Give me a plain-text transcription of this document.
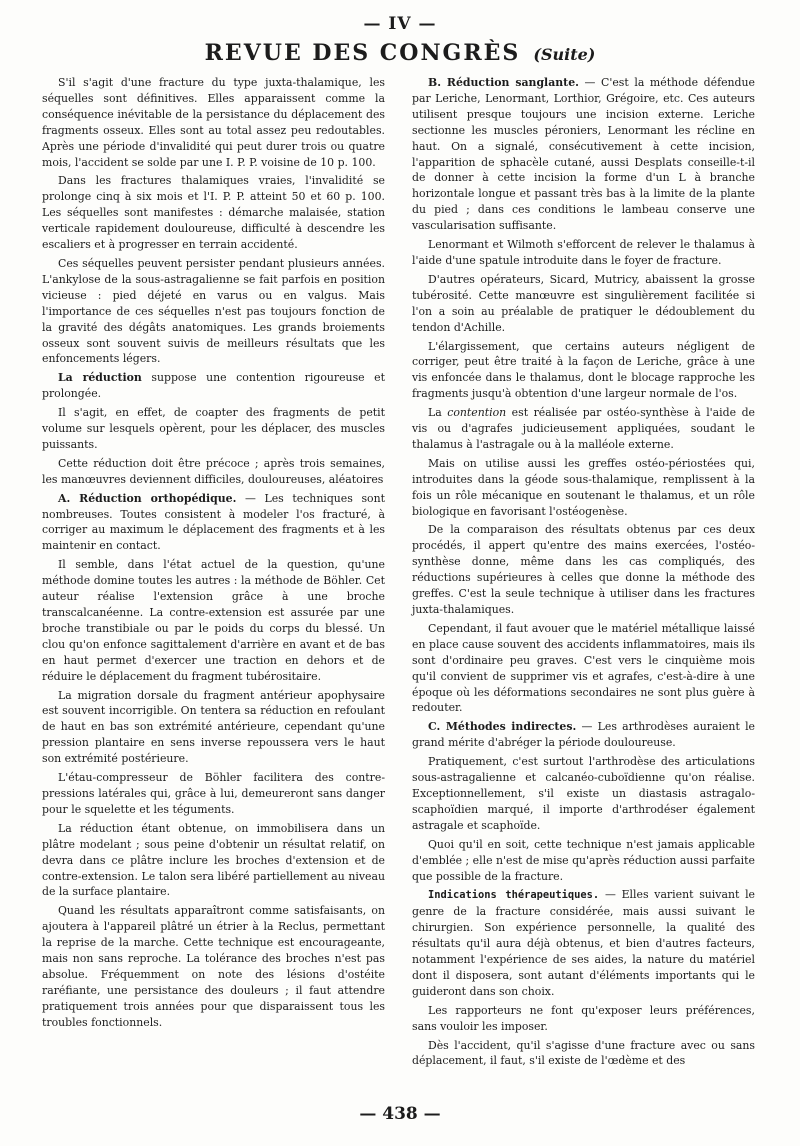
— IV —
REVUE DES CONGRÈS (Suite)

S'il s'agit d'une fracture du type juxta-thalamique, les séquelles sont définitives. Elles apparaissent comme la conséquence inévitable de la persistance du déplacement des fragments osseux. Elles sont au total assez peu redoutables. Après une période d'invalidité qui peut durer trois ou quatre mois, l'accident se solde par une I. P. P. voisine de 10 p. 100.

Dans les fractures thalamiques vraies, l'invalidité se prolonge cinq à six mois et l'I. P. P. atteint 50 et 60 p. 100. Les séquelles sont manifestes : démarche malaisée, station verticale rapidement douloureuse, difficulté à descendre les escaliers et à progresser en terrain accidenté.

Ces séquelles peuvent persister pendant plusieurs années. L'ankylose de la sous-astragalienne se fait parfois en position vicieuse : pied déjeté en varus ou en valgus. Mais l'importance de ces séquelles n'est pas toujours fonction de la gravité des dégâts anatomiques. Les grands broiements osseux sont souvent suivis de meilleurs résultats que les enfoncements légers.

La réduction suppose une contention rigoureuse et prolongée.

Il s'agit, en effet, de coapter des fragments de petit volume sur lesquels opèrent, pour les déplacer, des muscles puissants.

Cette réduction doit être précoce ; après trois semaines, les manœuvres deviennent difficiles, douloureuses, aléatoires

A. Réduction orthopédique. — Les techniques sont nombreuses. Toutes consistent à modeler l'os fracturé, à corriger au maximum le déplacement des fragments et à les maintenir en contact.

Il semble, dans l'état actuel de la question, qu'une méthode domine toutes les autres : la méthode de Böhler. Cet auteur réalise l'extension grâce à une broche transcalcanéenne. La contre-extension est assurée par une broche transtibiale ou par le poids du corps du blessé. Un clou qu'on enfonce sagittalement d'arrière en avant et de bas en haut permet d'exercer une traction en dehors et de réduire le déplacement du fragment tubérositaire.

La migration dorsale du fragment antérieur apophysaire est souvent incorrigible. On tentera sa réduction en refoulant de haut en bas son extrémité antérieure, cependant qu'une pression plantaire en sens inverse repoussera vers le haut son extrémité postérieure.

L'étau-compresseur de Böhler facilitera des contre-pressions latérales qui, grâce à lui, demeureront sans danger pour le squelette et les téguments.

La réduction étant obtenue, on immobilisera dans un plâtre modelant ; sous peine d'obtenir un résultat relatif, on devra dans ce plâtre inclure les broches d'extension et de contre-extension. Le talon sera libéré partiellement au niveau de la surface plantaire.

Quand les résultats apparaîtront comme satisfaisants, on ajoutera à l'appareil plâtré un étrier à la Reclus, permettant la reprise de la marche. Cette technique est encourageante, mais non sans reproche. La tolérance des broches n'est pas absolue. Fréquemment on note des lésions d'ostéite raréfiante, une persistance des douleurs ; il faut attendre pratiquement trois années pour que disparaissent tous les troubles fonctionnels.

B. Réduction sanglante. — C'est la méthode défendue par Leriche, Lenormant, Lorthior, Grégoire, etc. Ces auteurs utilisent presque toujours une incision externe. Leriche sectionne les muscles péroniers, Lenormant les récline en haut. On a signalé, consécutivement à cette incision, l'apparition de sphacèle cutané, aussi Desplats conseille-t-il de donner à cette incision la forme d'un L à branche horizontale longue et passant très bas à la limite de la plante du pied ; dans ces conditions le lambeau conserve une vascularisation suffisante.

Lenormant et Wilmoth s'efforcent de relever le thalamus à l'aide d'une spatule introduite dans le foyer de fracture.

D'autres opérateurs, Sicard, Mutricy, abaissent la grosse tubérosité. Cette manœuvre est singulièrement facilitée si l'on a soin au préalable de pratiquer le dédoublement du tendon d'Achille.

L'élargissement, que certains auteurs négligent de corriger, peut être traité à la façon de Leriche, grâce à une vis enfoncée dans le thalamus, dont le blocage rapproche les fragments jusqu'à obtention d'une largeur normale de l'os.

La contention est réalisée par ostéo-synthèse à l'aide de vis ou d'agrafes judicieusement appliquées, soudant le thalamus à l'astragale ou à la malléole externe.

Mais on utilise aussi les greffes ostéo-périostées qui, introduites dans la géode sous-thalamique, remplissent à la fois un rôle mécanique en soutenant le thalamus, et un rôle biologique en favorisant l'ostéogenèse.

De la comparaison des résultats obtenus par ces deux procédés, il appert qu'entre des mains exercées, l'ostéo-synthèse donne, même dans les cas compliqués, des réductions supérieures à celles que donne la méthode des greffes. C'est la seule technique à utiliser dans les fractures juxta-thalamiques.

Cependant, il faut avouer que le matériel métallique laissé en place cause souvent des accidents inflammatoires, mais ils sont d'ordinaire peu graves. C'est vers le cinquième mois qu'il convient de supprimer vis et agrafes, c'est-à-dire à une époque où les déformations secondaires ne sont plus guère à redouter.

C. Méthodes indirectes. — Les arthrodèses auraient le grand mérite d'abréger la période douloureuse.

Pratiquement, c'est surtout l'arthrodèse des articulations sous-astragalienne et calcanéo-cuboïdienne qu'on réalise. Exceptionnellement, s'il existe un diastasis astragalo-scaphoïdien marqué, il importe d'arthrodéser également astragale et scaphoïde.

Quoi qu'il en soit, cette technique n'est jamais applicable d'emblée ; elle n'est de mise qu'après réduction aussi parfaite que possible de la fracture.

Indications thérapeutiques. — Elles varient suivant le genre de la fracture considérée, mais aussi suivant le chirurgien. Son expérience personnelle, la qualité des résultats qu'il aura déjà obtenus, et bien d'autres facteurs, notamment l'expérience de ses aides, la nature du matériel dont il disposera, sont autant d'éléments importants qui le guideront dans son choix.

Les rapporteurs ne font qu'exposer leurs préférences, sans vouloir les imposer.

Dès l'accident, qu'il s'agisse d'une fracture avec ou sans déplacement, il faut, s'il existe de l'œdème et des

— 438 —
